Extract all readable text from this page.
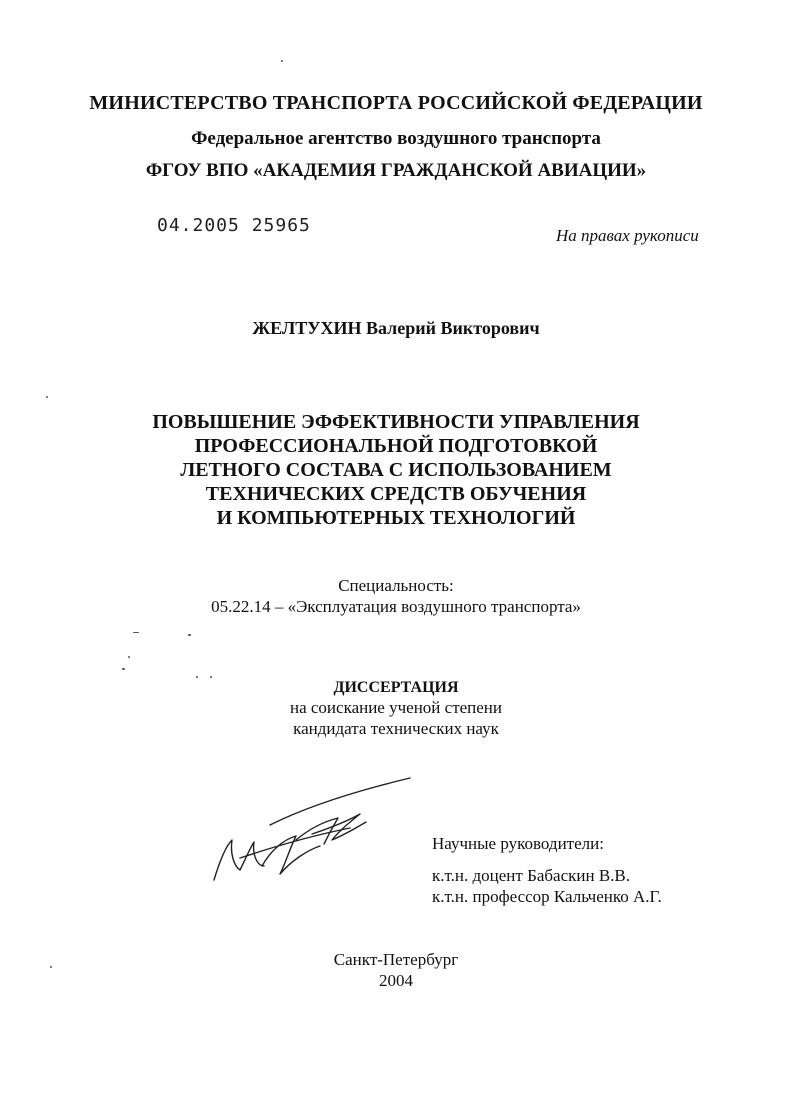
МИНИСТЕРСТВО ТРАНСПОРТА РОССИЙСКОЙ ФЕДЕРАЦИИ
Федеральное агентство воздушного транспорта
ФГОУ ВПО «АКАДЕМИЯ ГРАЖДАНСКОЙ АВИАЦИИ»
04.2005 25965	На правах рукописи
ЖЕЛТУХИН Валерий Викторович
ПОВЫШЕНИЕ ЭФФЕКТИВНОСТИ УПРАВЛЕНИЯ
ПРОФЕССИОНАЛЬНОЙ ПОДГОТОВКОЙ
ЛЕТНОГО СОСТАВА С ИСПОЛЬЗОВАНИЕМ
ТЕХНИЧЕСКИХ СРЕДСТВ ОБУЧЕНИЯ
И КОМПЬЮТЕРНЫХ ТЕХНОЛОГИЙ
Специальность:
05.22.14 – «Эксплуатация воздушного транспорта»
ДИССЕРТАЦИЯ
на соискание ученой степени
кандидата технических наук
Научные руководители:
к.т.н. доцент Бабаскин В.В.
к.т.н. профессор Кальченко А.Г.
Санкт-Петербург
2004
